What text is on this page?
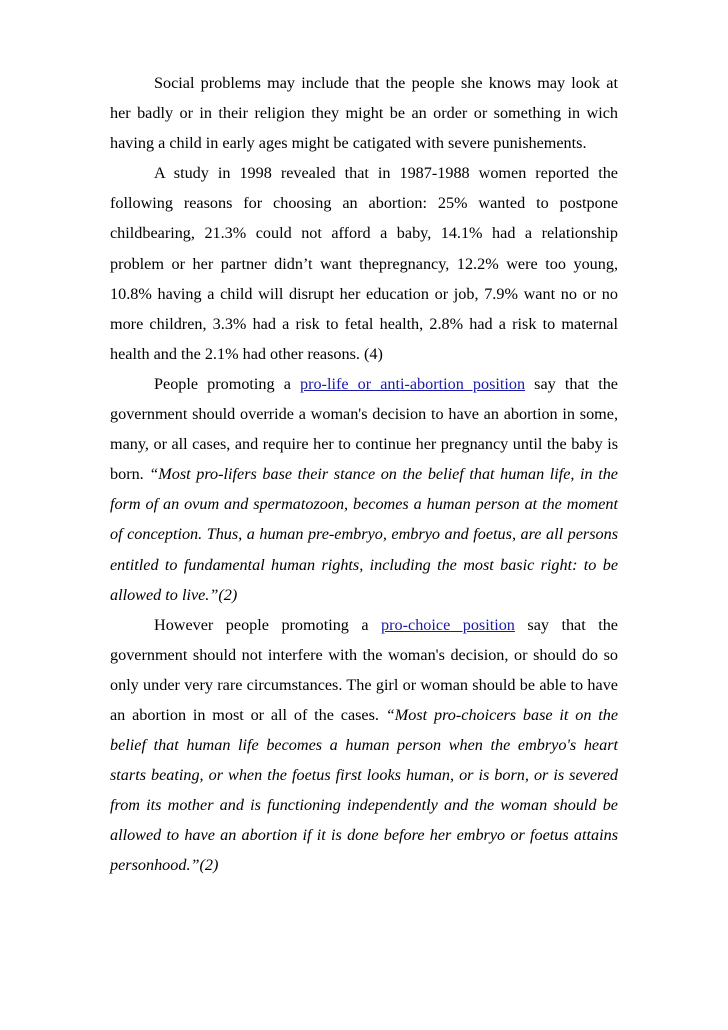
Social problems may include that the people she knows may look at her badly or in their religion they might be an order or something in wich having a child in early ages might be catigated with severe punishements.

A study in 1998 revealed that in 1987-1988 women reported the following reasons for choosing an abortion: 25% wanted to postpone childbearing, 21.3% could not afford a baby, 14.1% had a relationship problem or her partner didn’t want thepregnancy, 12.2% were too young, 10.8% having a child will disrupt her education or job, 7.9% want no or no more children, 3.3% had a risk to fetal health, 2.8% had a risk to maternal health and the 2.1% had other reasons. (4)

People promoting a pro-life or anti-abortion position say that the government should override a woman's decision to have an abortion in some, many, or all cases, and require her to continue her pregnancy until the baby is born. “Most pro-lifers base their stance on the belief that human life, in the form of an ovum and spermatozoon, becomes a human person at the moment of conception. Thus, a human pre-embryo, embryo and foetus, are all persons entitled to fundamental human rights, including the most basic right: to be allowed to live.”(2)

However people promoting a pro-choice position say that the government should not interfere with the woman's decision, or should do so only under very rare circumstances. The girl or woman should be able to have an abortion in most or all of the cases. “Most pro-choicers base it on the belief that human life becomes a human person when the embryo's heart starts beating, or when the foetus first looks human, or is born, or is severed from its mother and is functioning independently and the woman should be allowed to have an abortion if it is done before her embryo or foetus attains personhood.”(2)
